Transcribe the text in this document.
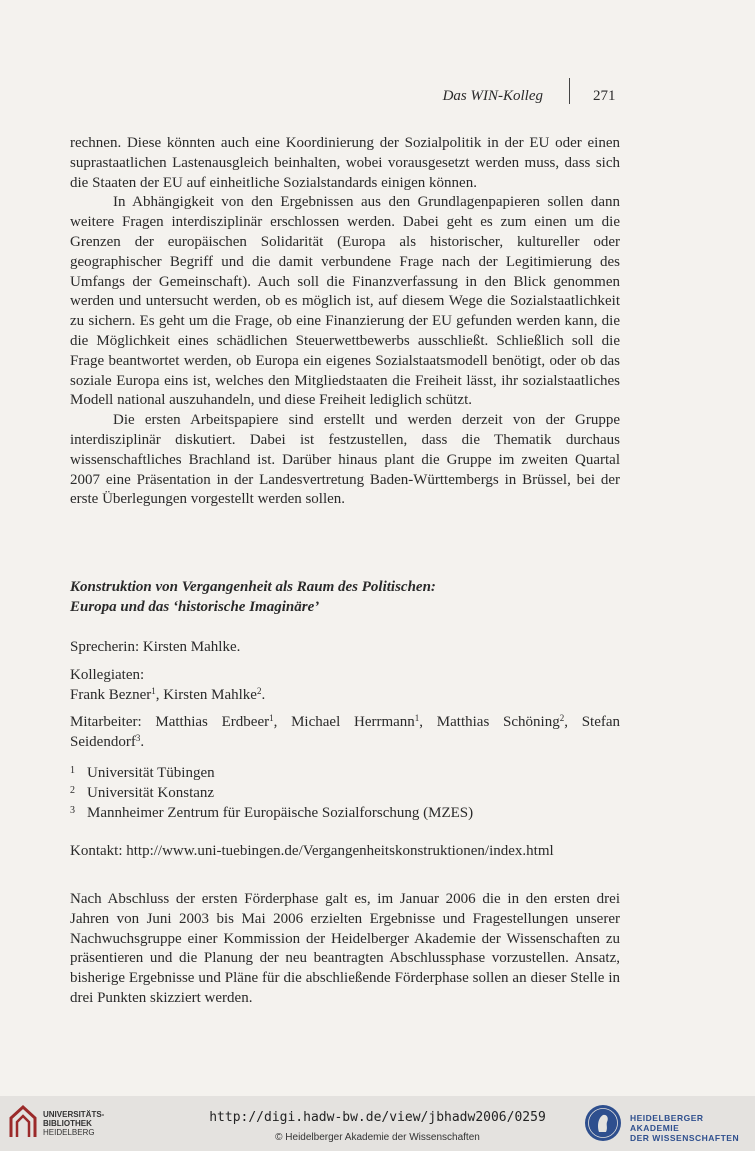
Das WIN-Kolleg	271

rechnen. Diese könnten auch eine Koordinierung der Sozialpolitik in der EU oder einen suprastaatlichen Lastenausgleich beinhalten, wobei vorausgesetzt werden muss, dass sich die Staaten der EU auf einheitliche Sozialstandards einigen können.

In Abhängigkeit von den Ergebnissen aus den Grundlagenpapieren sollen dann weitere Fragen interdisziplinär erschlossen werden. Dabei geht es zum einen um die Grenzen der europäischen Solidarität (Europa als historischer, kultureller oder geographischer Begriff und die damit verbundene Frage nach der Legitimierung des Umfangs der Gemeinschaft). Auch soll die Finanzverfassung in den Blick genommen werden und untersucht werden, ob es möglich ist, auf diesem Wege die Sozialstaatlichkeit zu sichern. Es geht um die Frage, ob eine Finanzierung der EU gefunden werden kann, die die Möglichkeit eines schädlichen Steuerwettbewerbs ausschließt. Schließlich soll die Frage beantwortet werden, ob Europa ein eigenes Sozialstaatsmodell benötigt, oder ob das soziale Europa eins ist, welches den Mitgliedstaaten die Freiheit lässt, ihr sozialstaatliches Modell national auszuhandeln, und diese Freiheit lediglich schützt.

Die ersten Arbeitspapiere sind erstellt und werden derzeit von der Gruppe interdisziplinär diskutiert. Dabei ist festzustellen, dass die Thematik durchaus wissenschaftliches Brachland ist. Darüber hinaus plant die Gruppe im zweiten Quartal 2007 eine Präsentation in der Landesvertretung Baden-Württembergs in Brüssel, bei der erste Überlegungen vorgestellt werden sollen.

Konstruktion von Vergangenheit als Raum des Politischen:

Europa und das ‘historische Imaginäre’

Sprecherin: Kirsten Mahlke.

Kollegiaten:

Frank Bezner$^1$, Kirsten Mahlke$^2$.

Mitarbeiter: Matthias Erdbeer$^1$, Michael Herrmann$^1$, Matthias Schöning$^2$, Stefan Seidendorf$^3$.

1 Universität Tübingen
2 Universität Konstanz
3 Mannheimer Zentrum für Europäische Sozialforschung (MZES)

Kontakt: http://www.uni-tuebingen.de/Vergangenheitskonstruktionen/index.html

Nach Abschluss der ersten Förderphase galt es, im Januar 2006 die in den ersten drei Jahren von Juni 2003 bis Mai 2006 erzielten Ergebnisse und Fragestellungen unserer Nachwuchsgruppe einer Kommission der Heidelberger Akademie der Wissenschaften zu präsentieren und die Planung der neu beantragten Abschlussphase vorzustellen. Ansatz, bisherige Ergebnisse und Pläne für die abschließende Förderphase sollen an dieser Stelle in drei Punkten skizziert werden.

UNIVERSITÄTS-
BIBLIOTHEK
HEIDELBERG
http://digi.hadw-bw.de/view/jbhadw2006/0259
© Heidelberger Akademie der Wissenschaften
HEIDELBERGER AKADEMIE
DER WISSENSCHAFTEN
